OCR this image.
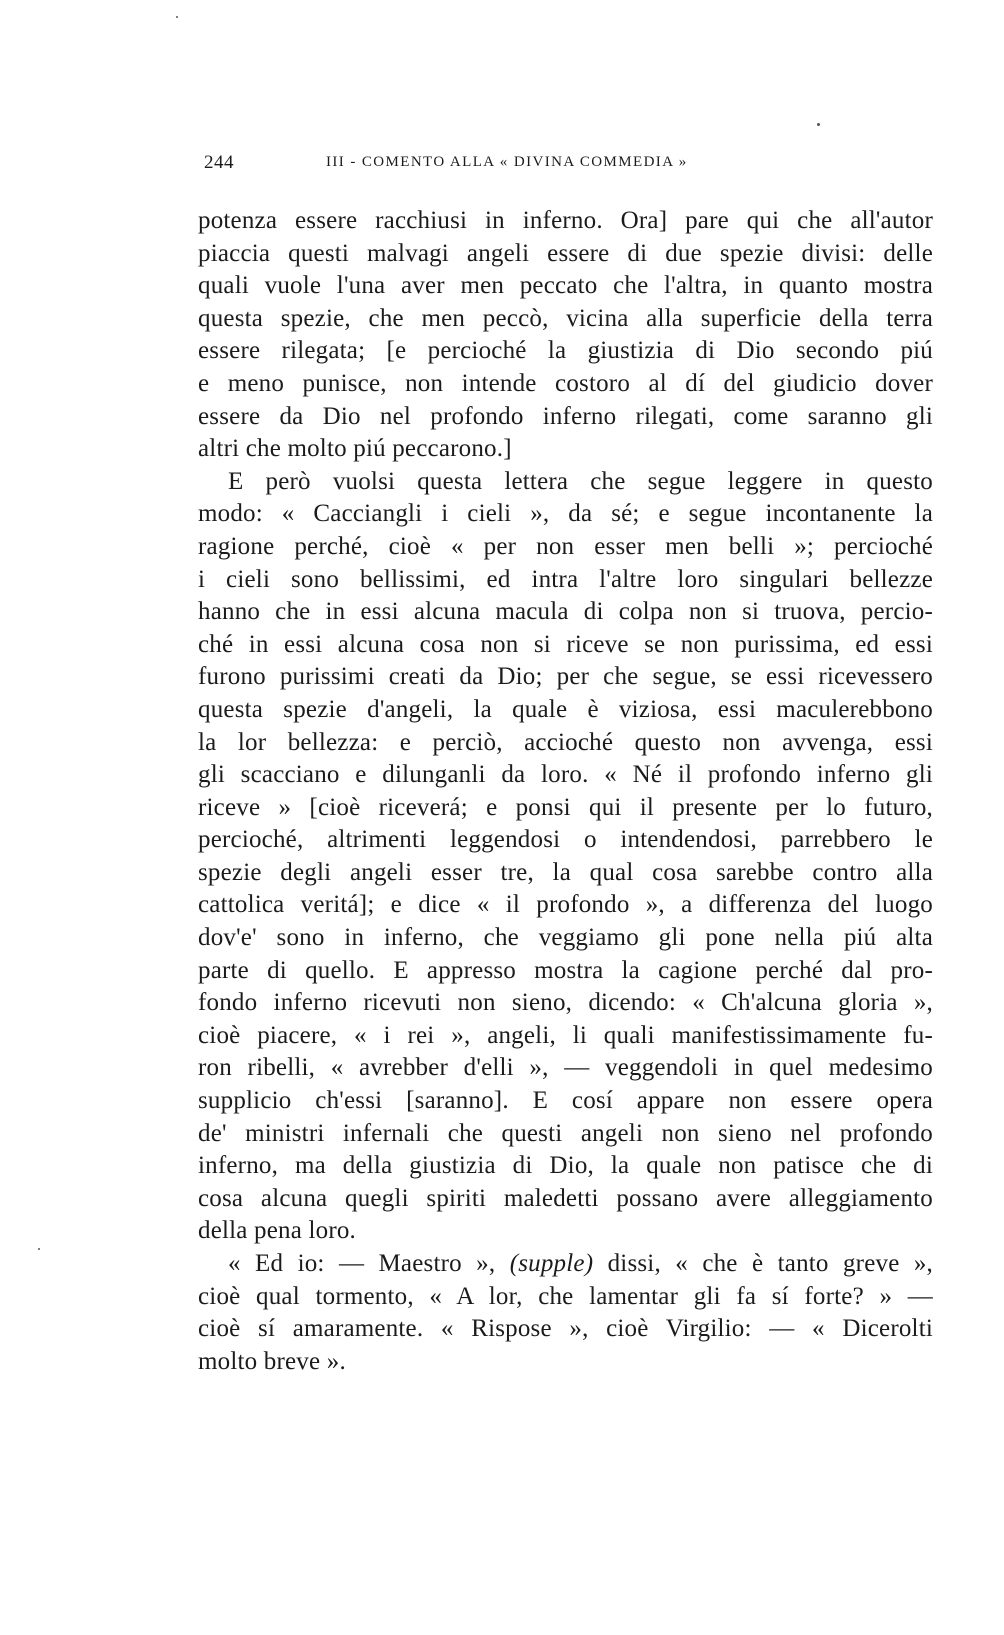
244	III - COMENTO ALLA « DIVINA COMMEDIA »
potenza essere racchiusi in inferno. Ora] pare qui che all'autor
piaccia questi malvagi angeli essere di due spezie divisi: delle
quali vuole l'una aver men peccato che l'altra, in quanto mostra
questa spezie, che men peccò, vicina alla superficie della terra
essere rilegata; [e percioché la giustizia di Dio secondo piú
e meno punisce, non intende costoro al dí del giudicio dover
essere da Dio nel profondo inferno rilegati, come saranno gli
altri che molto piú peccarono.]
E però vuolsi questa lettera che segue leggere in questo
modo: « Cacciangli i cieli », da sé; e segue incontanente la
ragione perché, cioè « per non esser men belli »; percioché
i cieli sono bellissimi, ed intra l'altre loro singulari bellezze
hanno che in essi alcuna macula di colpa non si truova, percio-
ché in essi alcuna cosa non si riceve se non purissima, ed essi
furono purissimi creati da Dio; per che segue, se essi ricevessero
questa spezie d'angeli, la quale è viziosa, essi maculerebbono
la lor bellezza: e perciò, accioché questo non avvenga, essi
gli scacciano e dilunganli da loro. « Né il profondo inferno gli
riceve » [cioè riceverá; e ponsi qui il presente per lo futuro,
percioché, altrimenti leggendosi o intendendosi, parrebbero le
spezie degli angeli esser tre, la qual cosa sarebbe contro alla
cattolica veritá]; e dice « il profondo », a differenza del luogo
dov'e' sono in inferno, che veggiamo gli pone nella piú alta
parte di quello. E appresso mostra la cagione perché dal pro-
fondo inferno ricevuti non sieno, dicendo: « Ch'alcuna gloria »,
cioè piacere, « i rei », angeli, li quali manifestissimamente fu-
ron ribelli, « avrebber d'elli », — veggendoli in quel medesimo
supplicio ch'essi [saranno]. E cosí appare non essere opera
de' ministri infernali che questi angeli non sieno nel profondo
inferno, ma della giustizia di Dio, la quale non patisce che di
cosa alcuna quegli spiriti maledetti possano avere alleggiamento
della pena loro.
« Ed io: — Maestro », (supple) dissi, « che è tanto greve »,
cioè qual tormento, « A lor, che lamentar gli fa sí forte? » —
cioè sí amaramente. « Rispose », cioè Virgilio: — « Dicerolti
molto breve ».
